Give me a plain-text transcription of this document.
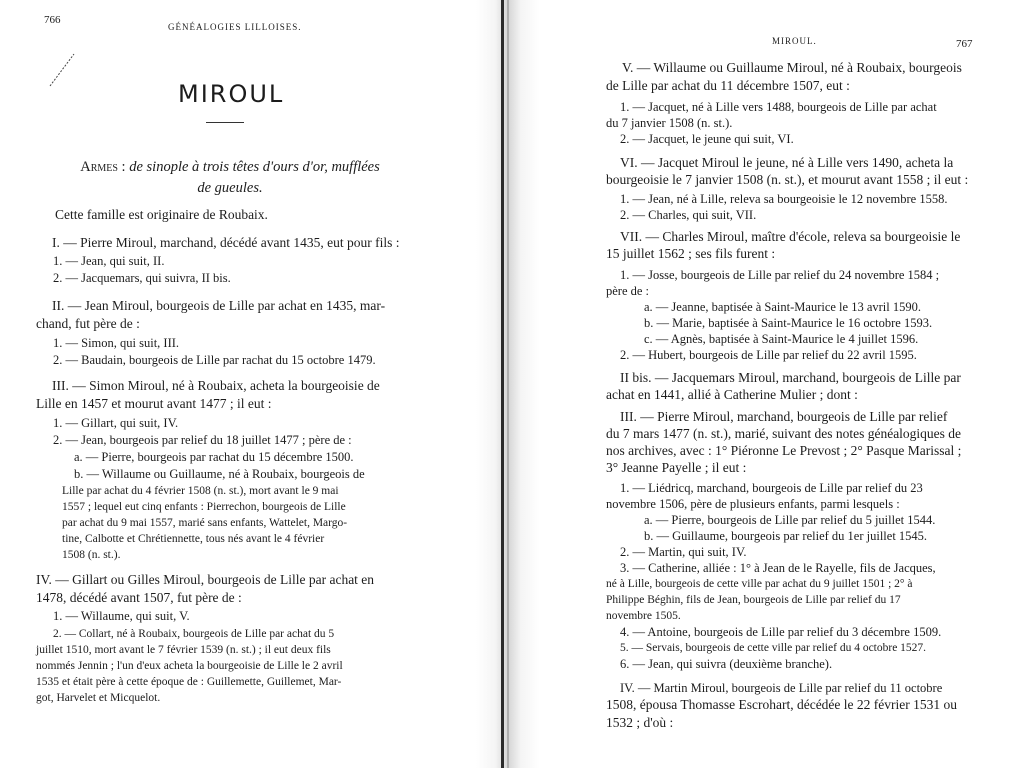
766
GÉNÉALOGIES LILLOISES.
MIROUL
Armes : de sinople à trois têtes d'ours d'or, mufflées
de gueules.
Cette famille est originaire de Roubaix.
I. — Pierre Miroul, marchand, décédé avant 1435, eut pour fils :
1. — Jean, qui suit, II.
2. — Jacquemars, qui suivra, II bis.
II. — Jean Miroul, bourgeois de Lille par achat en 1435, mar-
chand, fut père de :
1. — Simon, qui suit, III.
2. — Baudain, bourgeois de Lille par rachat du 15 octobre 1479.
III. — Simon Miroul, né à Roubaix, acheta la bourgeoisie de
Lille en 1457 et mourut avant 1477 ; il eut :
1. — Gillart, qui suit, IV.
2. — Jean, bourgeois par relief du 18 juillet 1477 ; père de :
a. — Pierre, bourgeois par rachat du 15 décembre 1500.
b. — Willaume ou Guillaume, né à Roubaix, bourgeois de
Lille par achat du 4 février 1508 (n. st.), mort avant le 9 mai
1557 ; lequel eut cinq enfants : Pierrechon, bourgeois de Lille
par achat du 9 mai 1557, marié sans enfants, Wattelet, Margo-
tine, Calbotte et Chrétiennette, tous nés avant le 4 février
1508 (n. st.).
IV. — Gillart ou Gilles Miroul, bourgeois de Lille par achat en
1478, décédé avant 1507, fut père de :
1. — Willaume, qui suit, V.
2. — Collart, né à Roubaix, bourgeois de Lille par achat du 5
juillet 1510, mort avant le 7 février 1539 (n. st.) ; il eut deux fils
nommés Jennin ; l'un d'eux acheta la bourgeoisie de Lille le 2 avril
1535 et était père à cette époque de : Guillemette, Guillemet, Mar-
got, Harvelet et Micquelot.
MIROUL.	767
V. — Willaume ou Guillaume Miroul, né à Roubaix, bourgeois
de Lille par achat du 11 décembre 1507, eut :
1. — Jacquet, né à Lille vers 1488, bourgeois de Lille par achat
du 7 janvier 1508 (n. st.).
2. — Jacquet, le jeune qui suit, VI.
VI. — Jacquet Miroul le jeune, né à Lille vers 1490, acheta la
bourgeoisie le 7 janvier 1508 (n. st.), et mourut avant 1558 ; il eut :
1. — Jean, né à Lille, releva sa bourgeoisie le 12 novembre 1558.
2. — Charles, qui suit, VII.
VII. — Charles Miroul, maître d'école, releva sa bourgeoisie le
15 juillet 1562 ; ses fils furent :
1. — Josse, bourgeois de Lille par relief du 24 novembre 1584 ;
père de :
a. — Jeanne, baptisée à Saint-Maurice le 13 avril 1590.
b. — Marie, baptisée à Saint-Maurice le 16 octobre 1593.
c. — Agnès, baptisée à Saint-Maurice le 4 juillet 1596.
2. — Hubert, bourgeois de Lille par relief du 22 avril 1595.
II bis. — Jacquemars Miroul, marchand, bourgeois de Lille par
achat en 1441, allié à Catherine Mulier ; dont :
III. — Pierre Miroul, marchand, bourgeois de Lille par relief
du 7 mars 1477 (n. st.), marié, suivant des notes généalogiques de
nos archives, avec : 1° Piéronne Le Prevost ; 2° Pasque Marissal ;
3° Jeanne Payelle ; il eut :
1. — Liédricq, marchand, bourgeois de Lille par relief du 23
novembre 1506, père de plusieurs enfants, parmi lesquels :
a. — Pierre, bourgeois de Lille par relief du 5 juillet 1544.
b. — Guillaume, bourgeois par relief du 1er juillet 1545.
2. — Martin, qui suit, IV.
3. — Catherine, alliée : 1° à Jean de le Rayelle, fils de Jacques,
né à Lille, bourgeois de cette ville par achat du 9 juillet 1501 ; 2° à
Philippe Béghin, fils de Jean, bourgeois de Lille par relief du 17
novembre 1505.
4. — Antoine, bourgeois de Lille par relief du 3 décembre 1509.
5. — Servais, bourgeois de cette ville par relief du 4 octobre 1527.
6. — Jean, qui suivra (deuxième branche).
IV. — Martin Miroul, bourgeois de Lille par relief du 11 octobre
1508, épousa Thomasse Escrohart, décédée le 22 février 1531 ou
1532 ; d'où :
